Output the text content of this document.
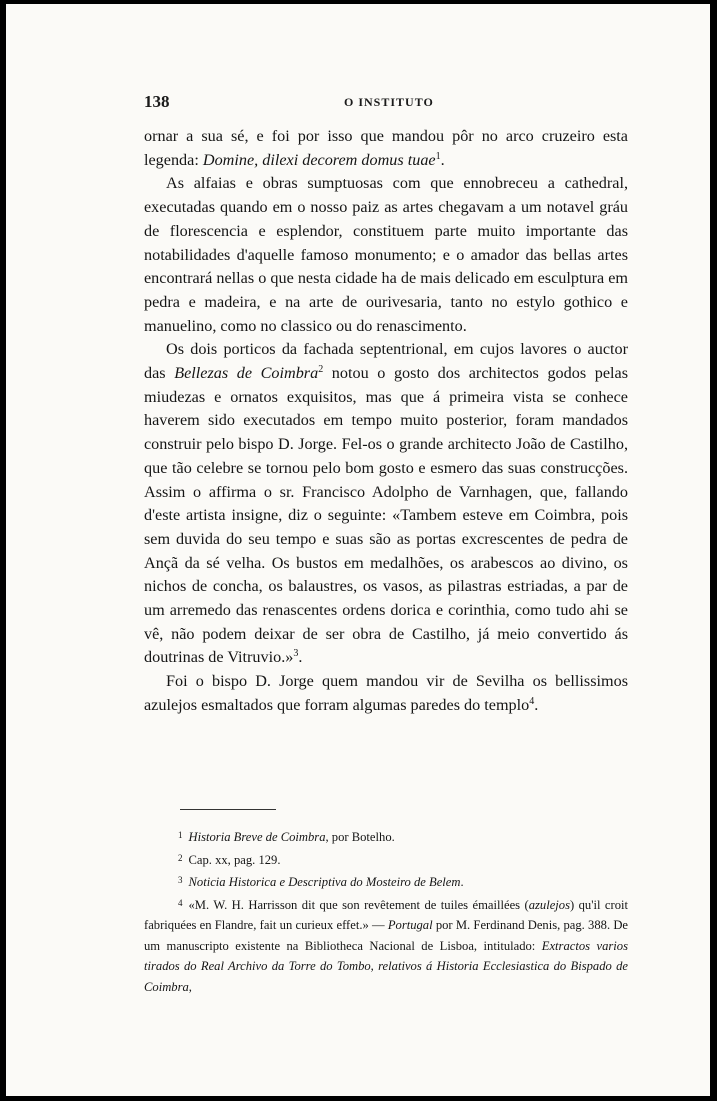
138	O INSTITUTO

ornar a sua sé, e foi por isso que mandou pôr no arco cruzeiro esta legenda: Domine, dilexi decorem domus tuae$^1$.

As alfaias e obras sumptuosas com que ennobreceu a cathedral, executadas quando em o nosso paiz as artes chegavam a um notavel gráu de florescencia e esplendor, constituem parte muito importante das notabilidades d'aquelle famoso monumento; e o amador das bellas artes encontrará nellas o que nesta cidade ha de mais delicado em esculptura em pedra e madeira, e na arte de ourivesaria, tanto no estylo gothico e manuelino, como no classico ou do renascimento.

Os dois porticos da fachada septentrional, em cujos lavores o auctor das Bellezas de Coimbra$^2$ notou o gosto dos architectos godos pelas miudezas e ornatos exquisitos, mas que á primeira vista se conhece haverem sido executados em tempo muito posterior, foram mandados construir pelo bispo D. Jorge. Fel-os o grande architecto João de Castilho, que tão celebre se tornou pelo bom gosto e esmero das suas construcções. Assim o affirma o sr. Francisco Adolpho de Varnhagen, que, fallando d'este artista insigne, diz o seguinte: «Tambem esteve em Coimbra, pois sem duvida do seu tempo e suas são as portas excrescentes de pedra de Ançã da sé velha. Os bustos em medalhões, os arabescos ao divino, os nichos de concha, os balaustres, os vasos, as pilastras estriadas, a par de um arremedo das renascentes ordens dorica e corinthia, como tudo ahi se vê, não podem deixar de ser obra de Castilho, já meio convertido ás doutrinas de Vitruvio.»$^3$.

Foi o bispo D. Jorge quem mandou vir de Sevilha os bellissimos azulejos esmaltados que forram algumas paredes do templo$^4$.

$^1$ Historia Breve de Coimbra, por Botelho.

$^2$ Cap. xx, pag. 129.

$^3$ Noticia Historica e Descriptiva do Mosteiro de Belem.

$^4$ «M. W. H. Harrisson dit que son revêtement de tuiles émaillées (azulejos) qu'il croit fabriquées en Flandre, fait un curieux effet.» — Portugal por M. Ferdinand Denis, pag. 388. De um manuscripto existente na Bibliotheca Nacional de Lisboa, intitulado: Extractos varios tirados do Real Archivo da Torre do Tombo, relativos á Historia Ecclesiastica do Bispado de Coimbra,
